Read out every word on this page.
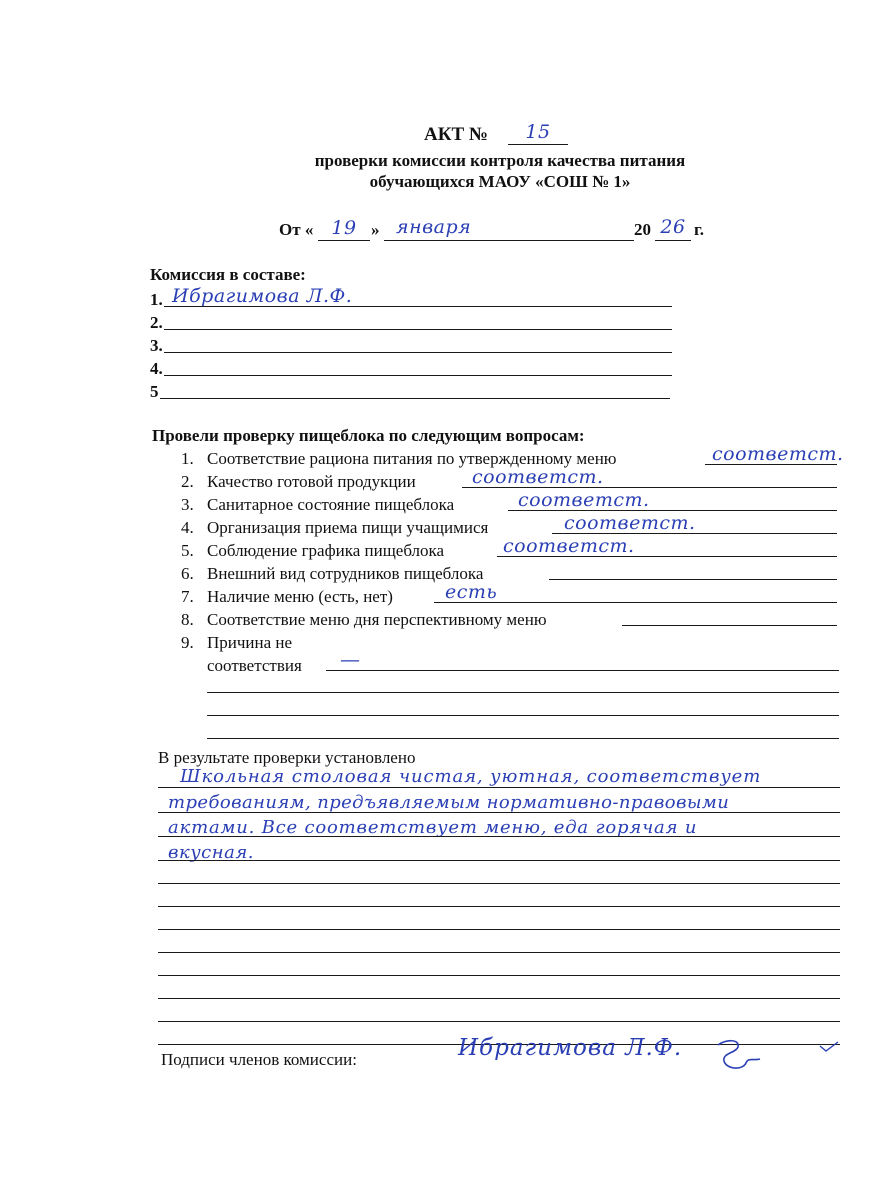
АКТ №	15
проверки комиссии контроля качества питания
обучающихся МАОУ «СОШ № 1»
От « 19 » января	20 26 г.
Комиссия в составе:
1. Ибрагимова Л.Ф.
2.
3.
4.
5
Провели проверку пищеблока по следующим вопросам:
1. Соответствие рациона питания по утвержденному меню	соответст.
2. Качество готовой продукции	соответст.
3. Санитарное состояние пищеблока	соответст.
4. Организация приема пищи учащимися	соответст.
5. Соблюдение графика пищеблока	соответст.
6. Внешний вид сотрудников пищеблока
7. Наличие меню (есть, нет)	есть
8. Соответствие меню дня перспективному меню
9. Причина не
соответствия —
В результате проверки установлено
Школьная столовая чистая, уютная, соответствует
требованиям, предъявляемым нормативно-правовыми
актами. Все соответствует меню, еда горячая и
вкусная.
Подписи членов комиссии:	Ибрагимова Л.Ф.
